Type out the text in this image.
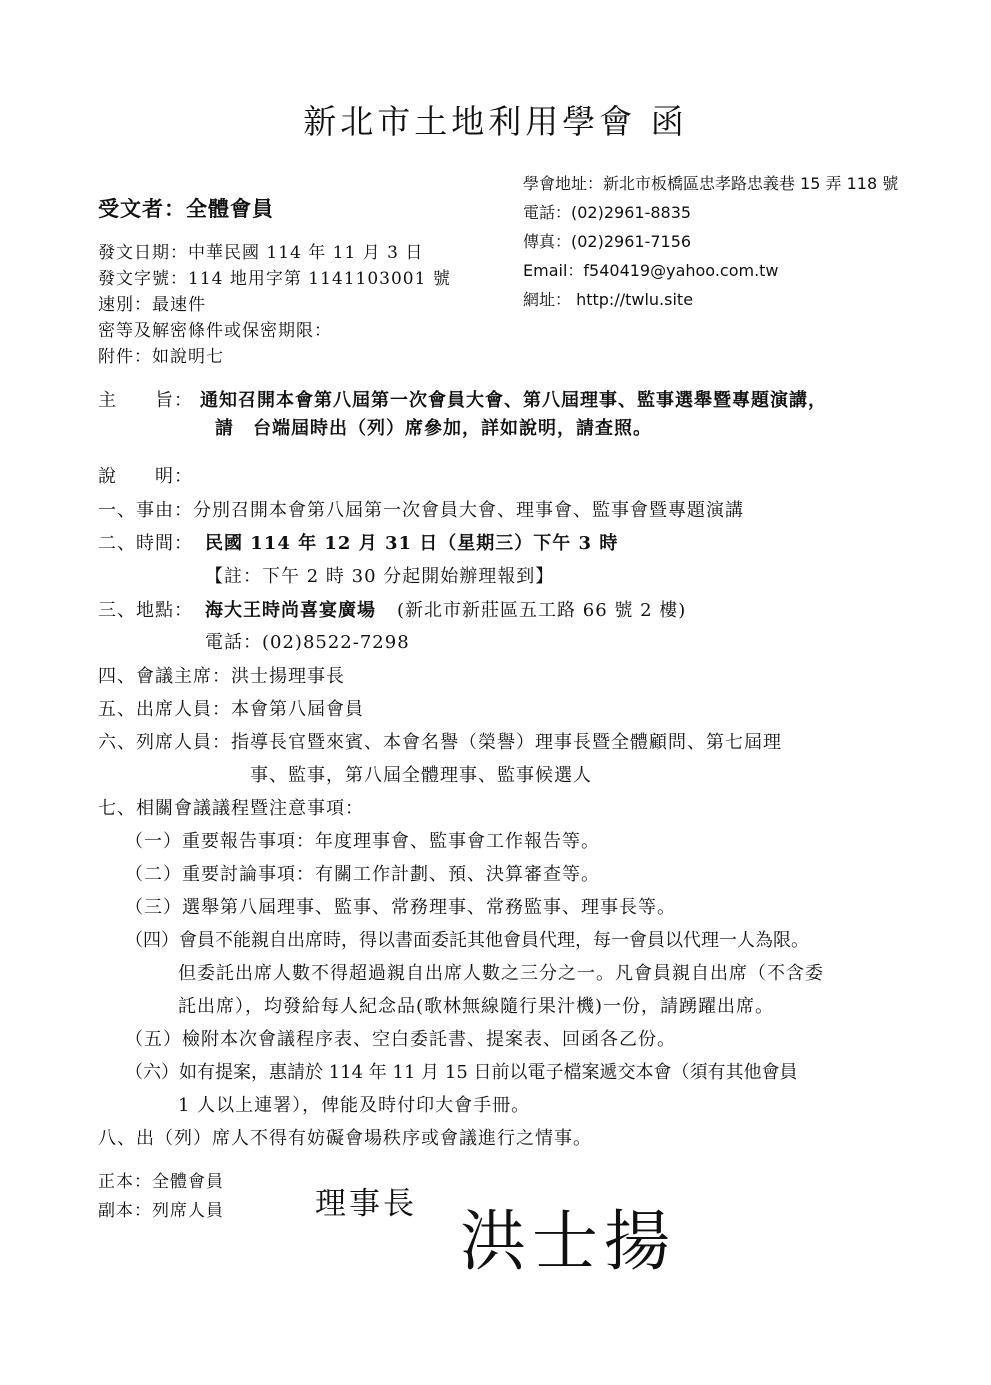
新北市土地利用學會 函
學會地址：新北市板橋區忠孝路忠義巷 15 弄 118 號
電話：(02)2961-8835
傳真：(02)2961-7156
Email：f540419@yahoo.com.tw
網址： http://twlu.site
受文者：全體會員
發文日期：中華民國 114 年 11 月 3 日
發文字號：114 地用字第 1141103001 號
速別：最速件
密等及解密條件或保密期限：
附件：如說明七
主　　旨： 通知召開本會第八屆第一次會員大會、第八屆理事、監事選舉暨專題演講，
請　台端屆時出（列）席參加，詳如說明，請查照。
說　　明：
一、事由：分別召開本會第八屆第一次會員大會、理事會、監事會暨專題演講
二、時間： 民國 114 年 12 月 31 日（星期三）下午 3 時
【註：下午 2 時 30 分起開始辦理報到】
三、地點： 海大王時尚喜宴廣場 (新北市新莊區五工路 66 號 2 樓)
電話：(02)8522-7298
四、會議主席：洪士揚理事長
五、出席人員：本會第八屆會員
六、列席人員：指導長官暨來賓、本會名譽（榮譽）理事長暨全體顧問、第七屆理
事、監事，第八屆全體理事、監事候選人
七、相關會議議程暨注意事項：
（一）重要報告事項：年度理事會、監事會工作報告等。
（二）重要討論事項：有關工作計劃、預、決算審查等。
（三）選舉第八屆理事、監事、常務理事、常務監事、理事長等。
（四）會員不能親自出席時，得以書面委託其他會員代理，每一會員以代理一人為限。
但委託出席人數不得超過親自出席人數之三分之一。凡會員親自出席（不含委
託出席），均發給每人紀念品(歌林無線隨行果汁機)一份，請踴躍出席。
（五）檢附本次會議程序表、空白委託書、提案表、回函各乙份。
（六）如有提案，惠請於 114 年 11 月 15 日前以電子檔案遞交本會（須有其他會員
1 人以上連署），俾能及時付印大會手冊。
八、出（列）席人不得有妨礙會場秩序或會議進行之情事。
正本：全體會員
副本：列席人員	理事長 洪士揚
